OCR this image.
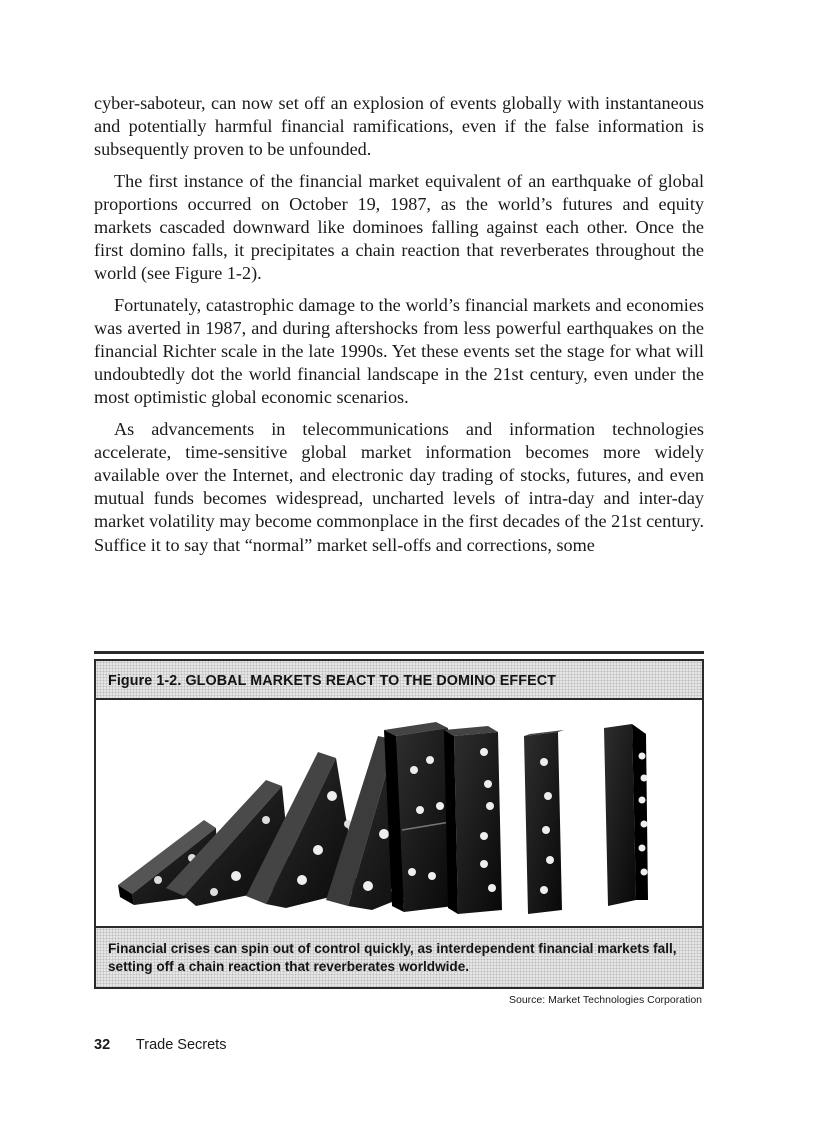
cyber-saboteur, can now set off an explosion of events globally with instantaneous and potentially harmful financial ramifications, even if the false information is subsequently proven to be unfounded.

The first instance of the financial market equivalent of an earthquake of global proportions occurred on October 19, 1987, as the world’s futures and equity markets cascaded downward like dominoes falling against each other. Once the first domino falls, it precipitates a chain reaction that reverberates throughout the world (see Figure 1-2).

Fortunately, catastrophic damage to the world’s financial markets and economies was averted in 1987, and during aftershocks from less powerful earthquakes on the financial Richter scale in the late 1990s. Yet these events set the stage for what will undoubtedly dot the world financial landscape in the 21st century, even under the most optimistic global economic scenarios.

As advancements in telecommunications and information technologies accelerate, time-sensitive global market information becomes more widely available over the Internet, and electronic day trading of stocks, futures, and even mutual funds becomes widespread, uncharted levels of intra-day and inter-day market volatility may become commonplace in the first decades of the 21st century. Suffice it to say that “normal” market sell-offs and corrections, some

Figure 1-2. GLOBAL MARKETS REACT TO THE DOMINO EFFECT
Financial crises can spin out of control quickly, as interdependent financial markets fall, setting off a chain reaction that reverberates worldwide.
Source: Market Technologies Corporation
32 Trade Secrets
